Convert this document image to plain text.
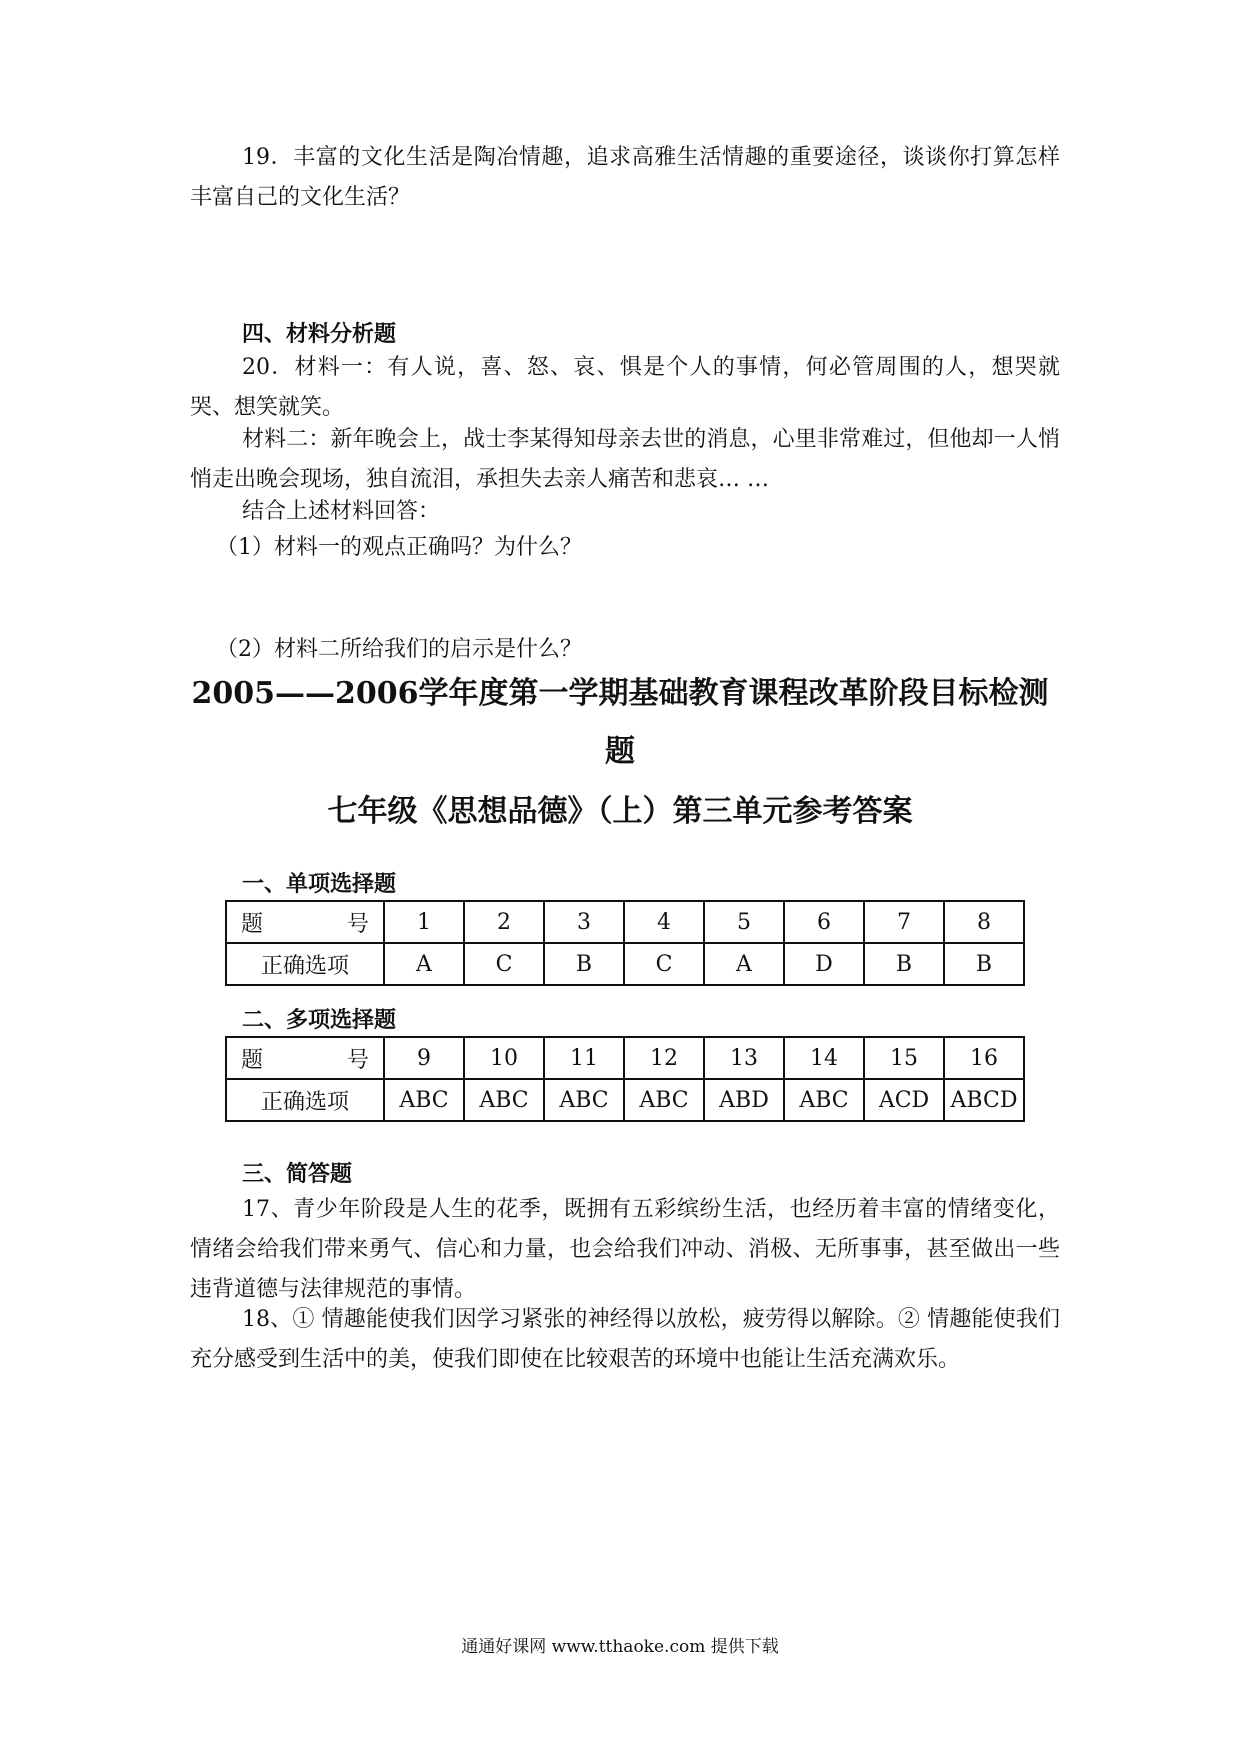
19．丰富的文化生活是陶冶情趣，追求高雅生活情趣的重要途径，谈谈你打算怎样丰富自己的文化生活？

四、材料分析题

20．材料一：有人说，喜、怒、哀、惧是个人的事情，何必管周围的人，想哭就哭、想笑就笑。

材料二：新年晚会上，战士李某得知母亲去世的消息，心里非常难过，但他却一人悄悄走出晚会现场，独自流泪，承担失去亲人痛苦和悲哀… …

结合上述材料回答：

（1）材料一的观点正确吗？为什么？

（2）材料二所给我们的启示是什么？

2005——2006学年度第一学期基础教育课程改革阶段目标检测

题

七年级《思想品德》（上）第三单元参考答案

一、单项选择题

题 号	1	2	3	4	5	6	7	8
正确选项	A	C	B	C	A	D	B	B

二、多项选择题

题 号	9	10	11	12	13	14	15	16
正确选项	ABC	ABC	ABC	ABC	ABD	ABC	ACD	ABCD

三、简答题

17、青少年阶段是人生的花季，既拥有五彩缤纷生活，也经历着丰富的情绪变化，情绪会给我们带来勇气、信心和力量，也会给我们冲动、消极、无所事事，甚至做出一些违背道德与法律规范的事情。

18、① 情趣能使我们因学习紧张的神经得以放松，疲劳得以解除。② 情趣能使我们充分感受到生活中的美，使我们即使在比较艰苦的环境中也能让生活充满欢乐。

通通好课网 www.tthaoke.com 提供下载
